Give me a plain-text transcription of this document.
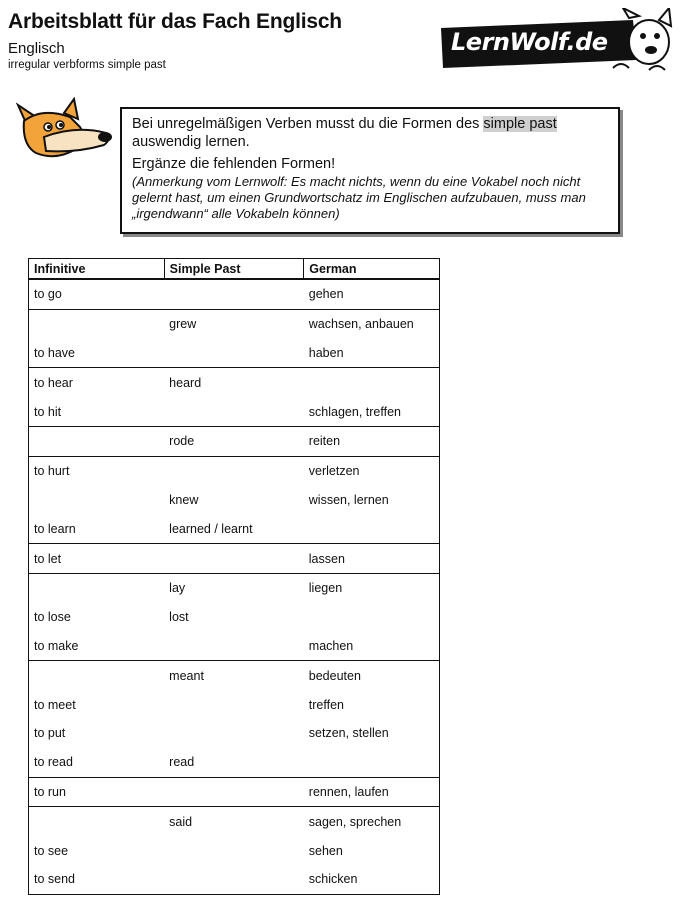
Arbeitsblatt für das Fach Englisch
Englisch
irregular verbforms simple past
LernWolf.de

Bei unregelmäßigen Verben musst du die Formen des simple past auswendig lernen.

Ergänze die fehlenden Formen!

(Anmerkung vom Lernwolf: Es macht nichts, wenn du eine Vokabel noch nicht gelernt hast, um einen Grundwortschatz im Englischen aufzubauen, muss man „irgendwann“ alle Vokabeln können)

Infinitive	Simple Past	German
to go		gehen
	grew	wachsen, anbauen
to have		haben
to hear	heard	
to hit		schlagen, treffen
	rode	reiten
to hurt		verletzen
	knew	wissen, lernen
to learn	learned / learnt	
to let		lassen
	lay	liegen
to lose	lost	
to make		machen
	meant	bedeuten
to meet		treffen
to put		setzen, stellen
to read	read	
to run		rennen, laufen
	said	sagen, sprechen
to see		sehen
to send		schicken
